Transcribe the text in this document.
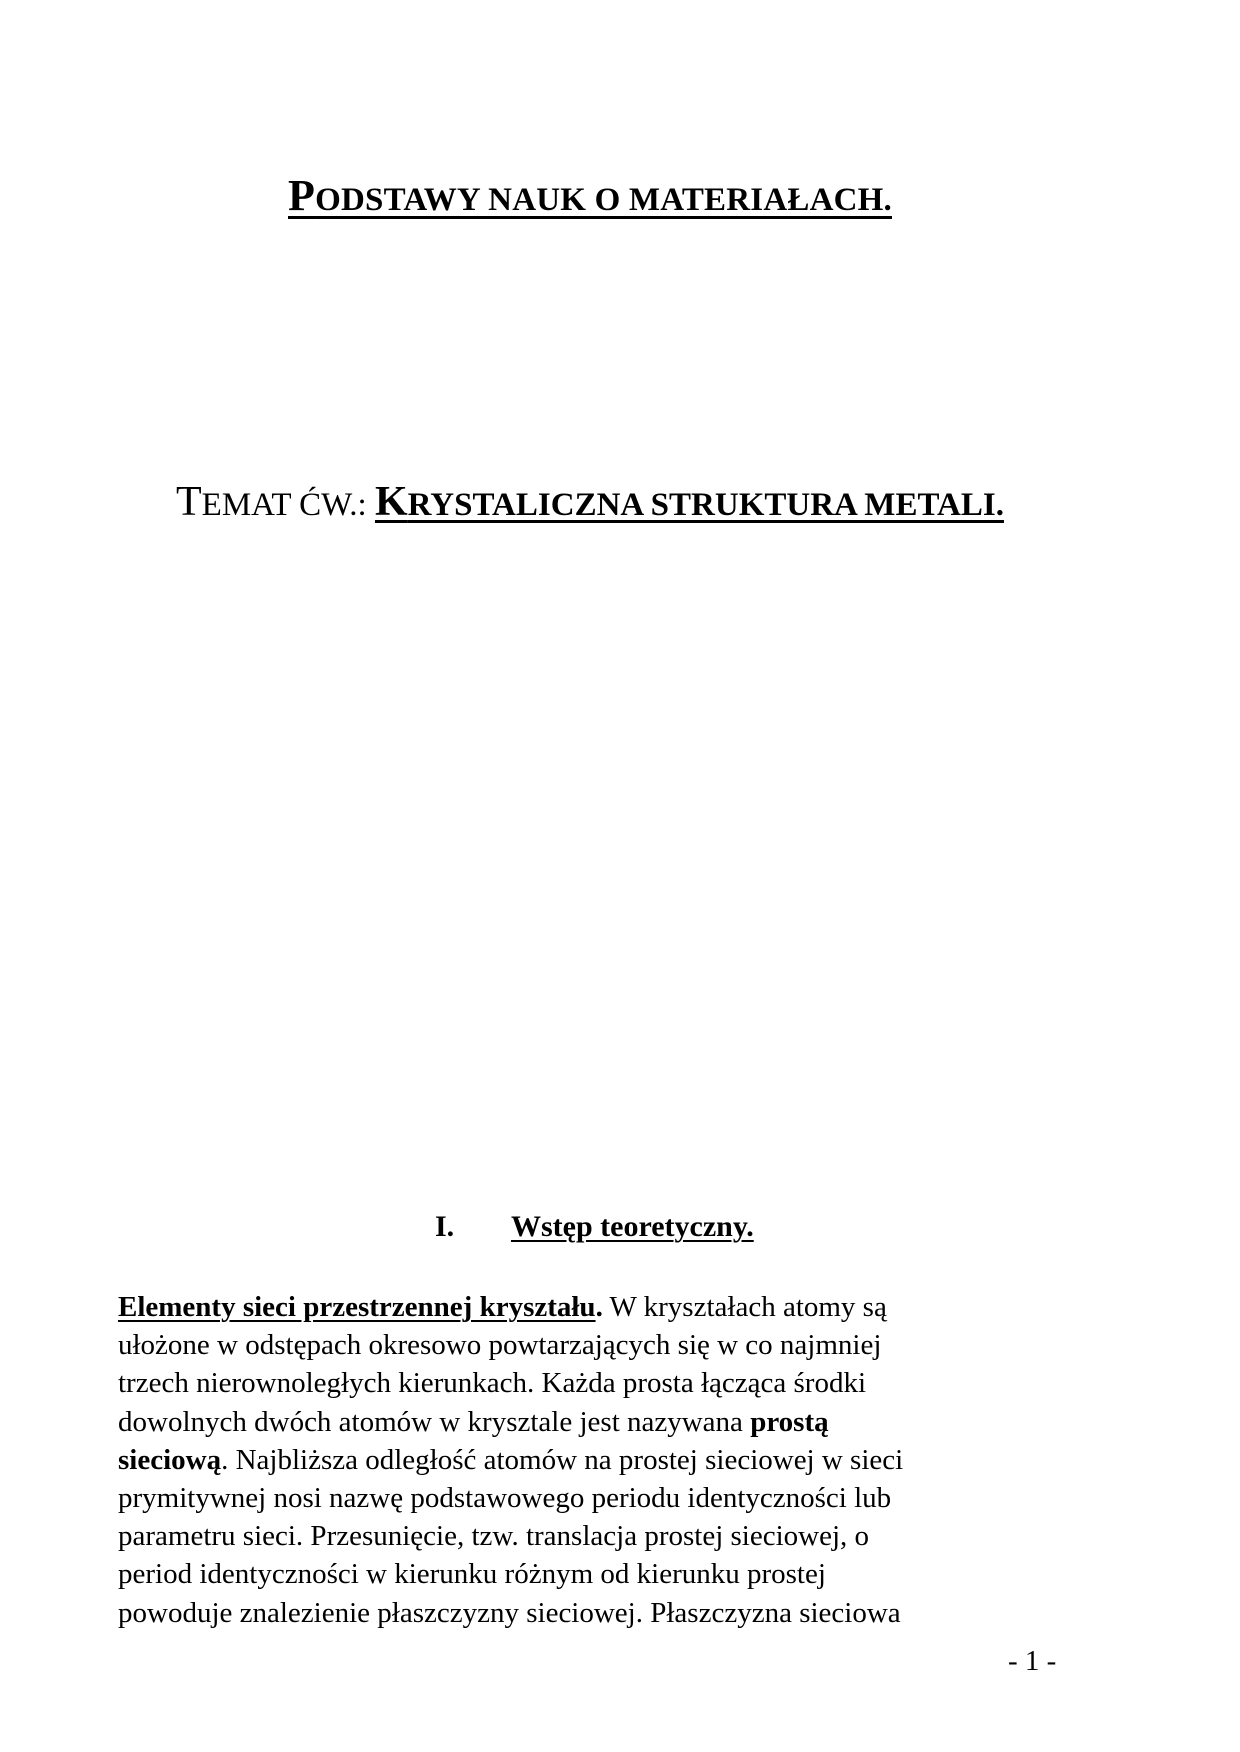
PODSTAWY NAUK O MATERIAŁACH.
TEMAT ĆW.: KRYSTALICZNA STRUKTURA METALI.
I. Wstęp teoretyczny.
Elementy sieci przestrzennej kryształu. W kryształach atomy są
ułożone w odstępach okresowo powtarzających się w co najmniej
trzech nierownoległych kierunkach. Każda prosta łącząca środki
dowolnych dwóch atomów w krysztale jest nazywana prostą
sieciową. Najbliższa odległość atomów na prostej sieciowej w sieci
prymitywnej nosi nazwę podstawowego periodu identyczności lub
parametru sieci. Przesunięcie, tzw. translacja prostej sieciowej, o
period identyczności w kierunku różnym od kierunku prostej
powoduje znalezienie płaszczyzny sieciowej. Płaszczyzna sieciowa
- 1 -
